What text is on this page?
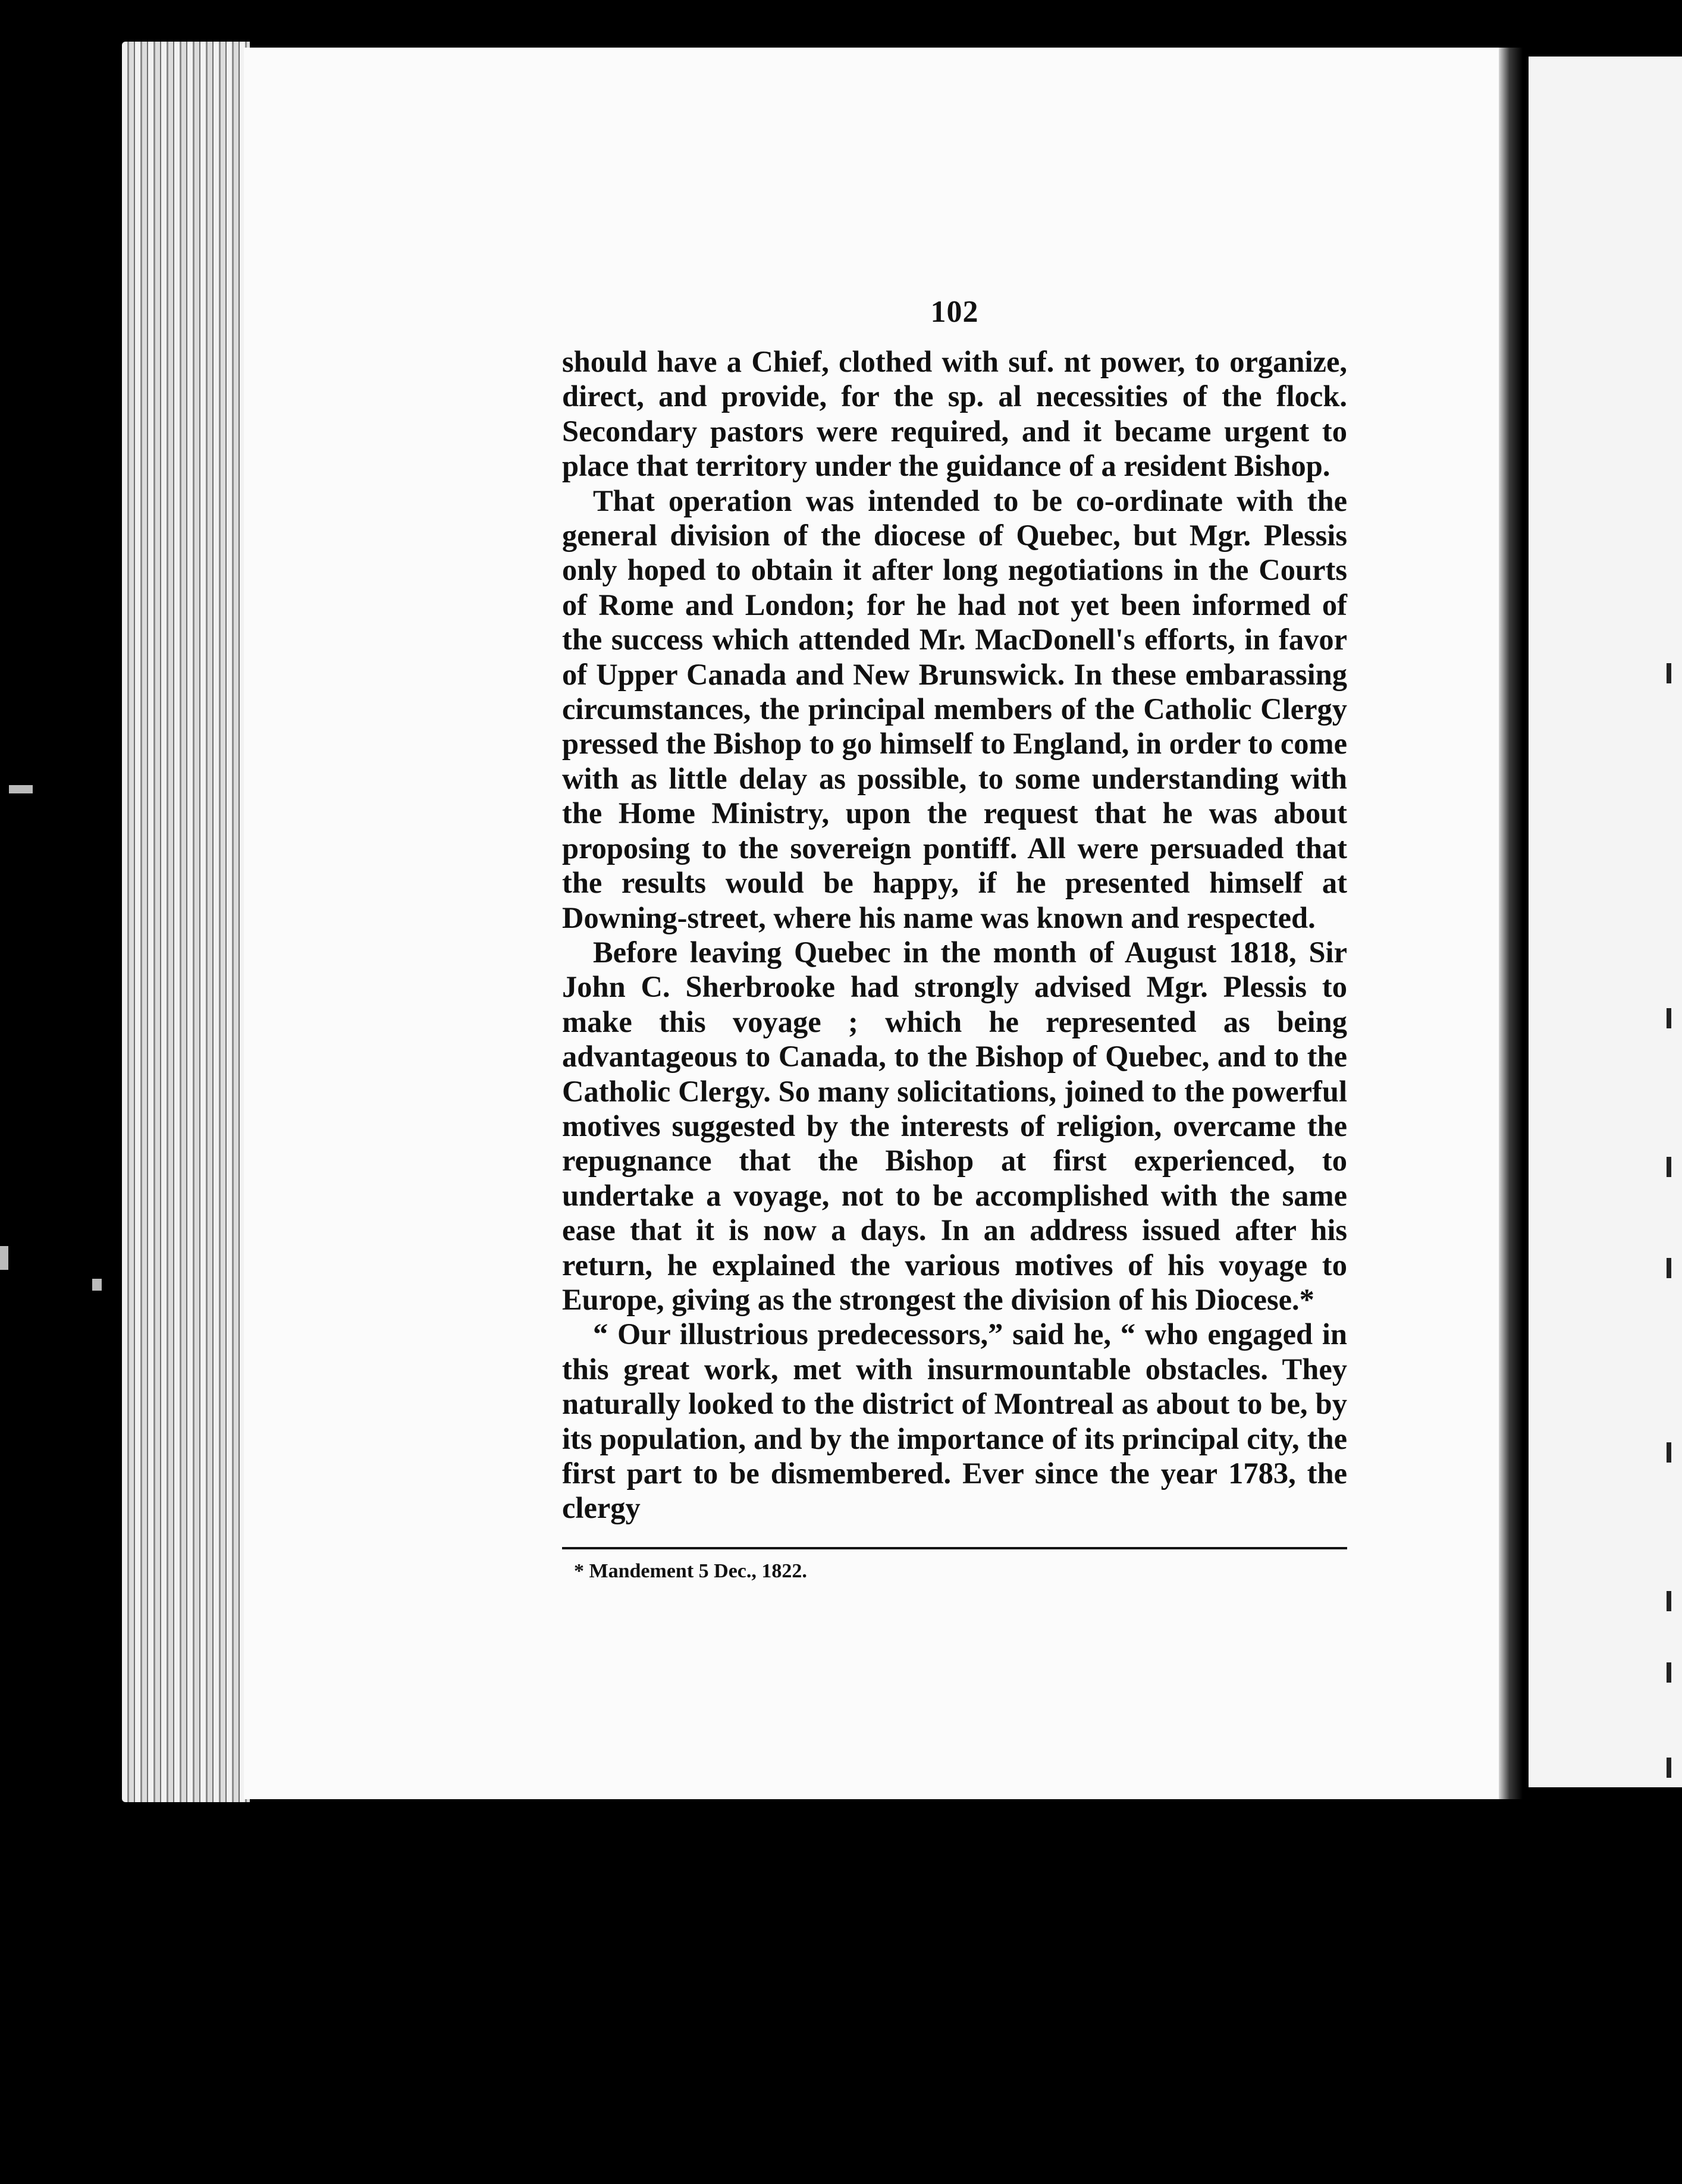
102

should have a Chief, clothed with suf. nt power, to organize, direct, and provide, for the sp. al necessities of the flock. Secondary pastors were required, and it became urgent to place that territory under the guidance of a resident Bishop.

That operation was intended to be co-ordinate with the general division of the diocese of Quebec, but Mgr. Plessis only hoped to obtain it after long negotiations in the Courts of Rome and London; for he had not yet been informed of the success which attended Mr. MacDonell's efforts, in favor of Upper Canada and New Brunswick. In these embarassing circumstances, the principal members of the Catholic Clergy pressed the Bishop to go himself to England, in order to come with as little delay as possible, to some understanding with the Home Ministry, upon the request that he was about proposing to the sovereign pontiff. All were persuaded that the results would be happy, if he presented himself at Downing-street, where his name was known and respected.

Before leaving Quebec in the month of August 1818, Sir John C. Sherbrooke had strongly advised Mgr. Plessis to make this voyage ; which he represented as being advantageous to Canada, to the Bishop of Quebec, and to the Catholic Clergy. So many solicitations, joined to the powerful motives suggested by the interests of religion, overcame the repugnance that the Bishop at first experienced, to undertake a voyage, not to be accomplished with the same ease that it is now a days. In an address issued after his return, he explained the various motives of his voyage to Europe, giving as the strongest the division of his Diocese.*

“ Our illustrious predecessors,” said he, “ who engaged in this great work, met with insurmountable obstacles. They naturally looked to the district of Montreal as about to be, by its population, and by the importance of its principal city, the first part to be dismembered. Ever since the year 1783, the clergy

* Mandement 5 Dec., 1822.
